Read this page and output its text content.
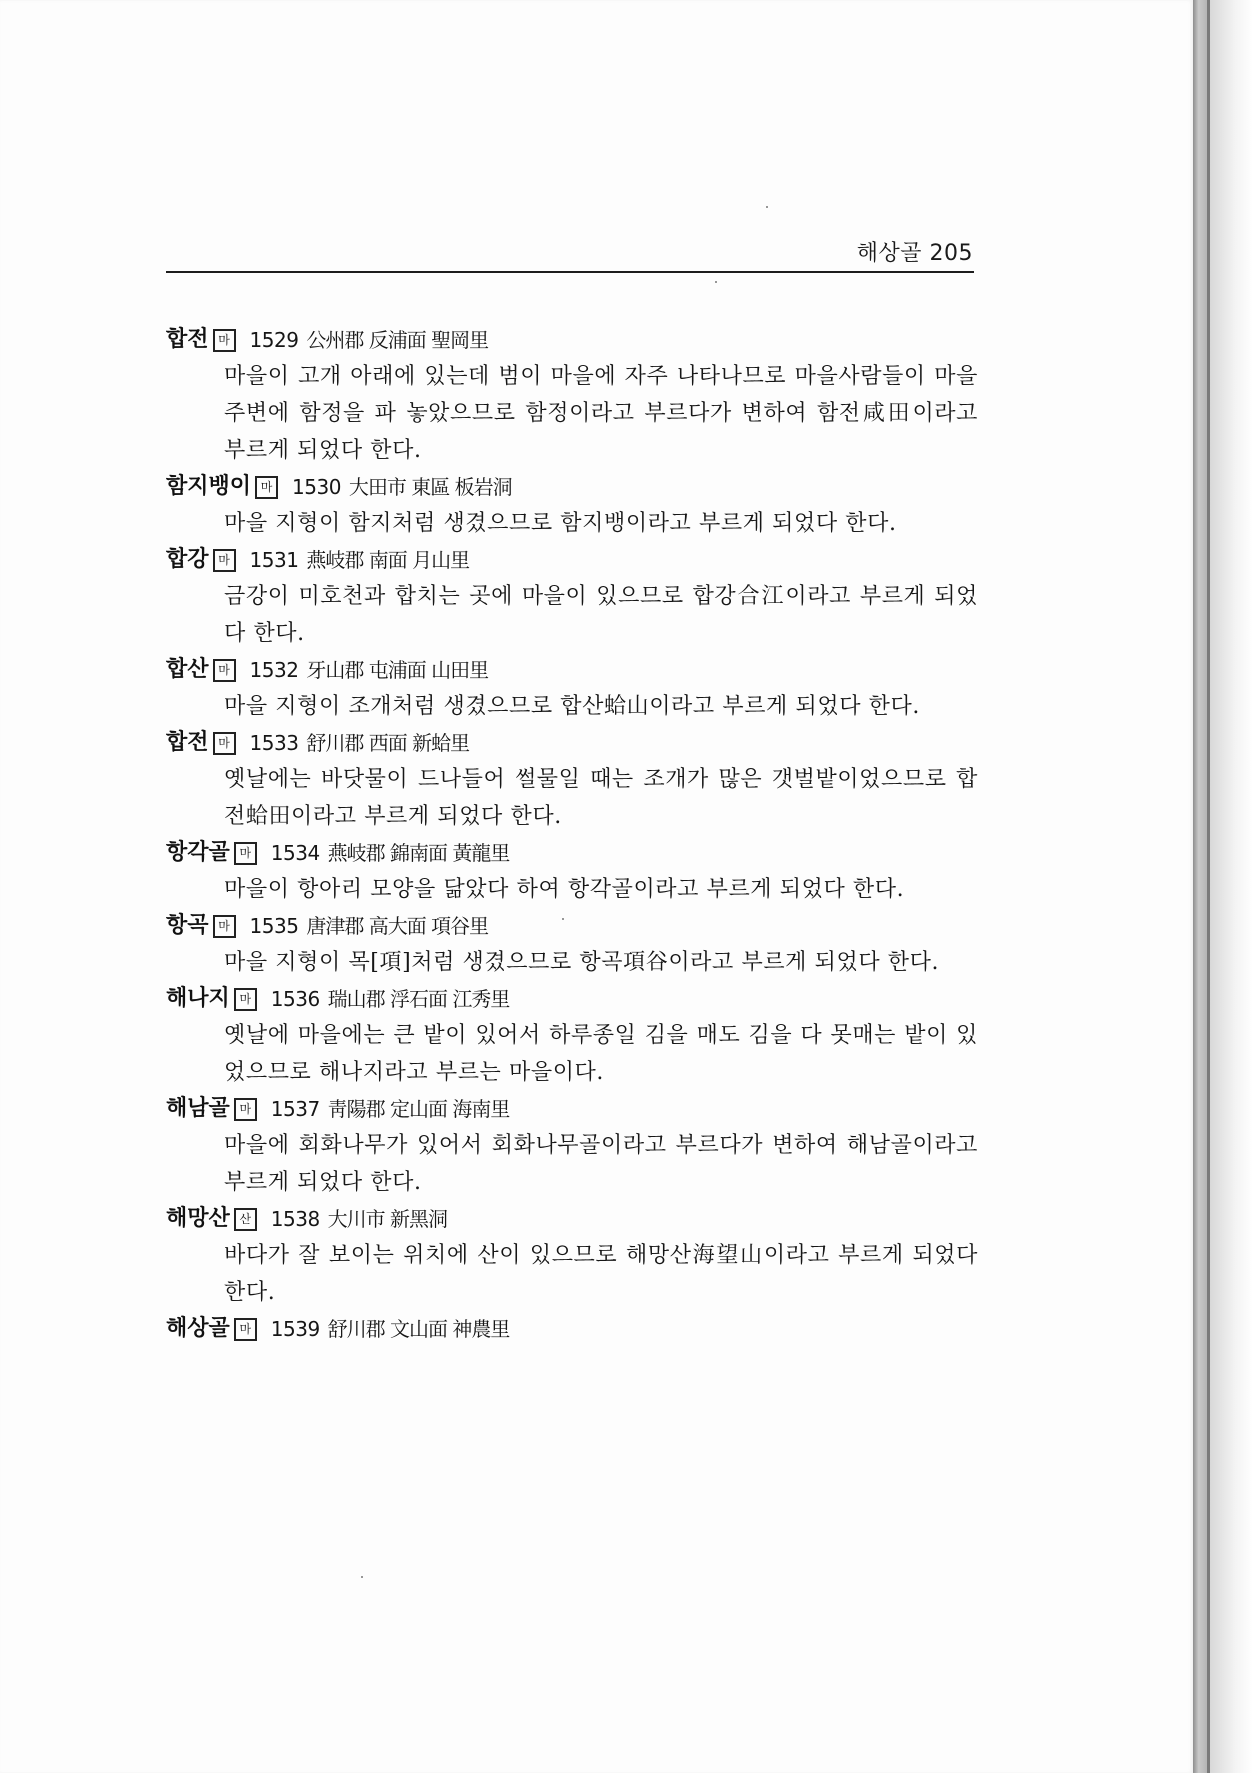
해상골 205
합전 마 1529 公州郡 反浦面 聖岡里
마을이 고개 아래에 있는데 범이 마을에 자주 나타나므로 마을사람들이 마을 주변에 함정을 파 놓았으므로 함정이라고 부르다가 변하여 함전咸田이라고 부르게 되었다 한다.
함지뱅이 마 1530 大田市 東區 板岩洞
마을 지형이 함지처럼 생겼으므로 함지뱅이라고 부르게 되었다 한다.
합강 마 1531 燕岐郡 南面 月山里
금강이 미호천과 합치는 곳에 마을이 있으므로 합강合江이라고 부르게 되었다 한다.
합산 마 1532 牙山郡 屯浦面 山田里
마을 지형이 조개처럼 생겼으므로 합산蛤山이라고 부르게 되었다 한다.
합전 마 1533 舒川郡 西面 新蛤里
옛날에는 바닷물이 드나들어 썰물일 때는 조개가 많은 갯벌밭이었으므로 합전蛤田이라고 부르게 되었다 한다.
항각골 마 1534 燕岐郡 錦南面 黃龍里
마을이 항아리 모양을 닮았다 하여 항각골이라고 부르게 되었다 한다.
항곡 마 1535 唐津郡 高大面 項谷里
마을 지형이 목[項]처럼 생겼으므로 항곡項谷이라고 부르게 되었다 한다.
해나지 마 1536 瑞山郡 浮石面 江秀里
옛날에 마을에는 큰 밭이 있어서 하루종일 김을 매도 김을 다 못매는 밭이 있었으므로 해나지라고 부르는 마을이다.
해남골 마 1537 靑陽郡 定山面 海南里
마을에 회화나무가 있어서 회화나무골이라고 부르다가 변하여 해남골이라고 부르게 되었다 한다.
해망산 산 1538 大川市 新黑洞
바다가 잘 보이는 위치에 산이 있으므로 해망산海望山이라고 부르게 되었다 한다.
해상골 마 1539 舒川郡 文山面 神農里
